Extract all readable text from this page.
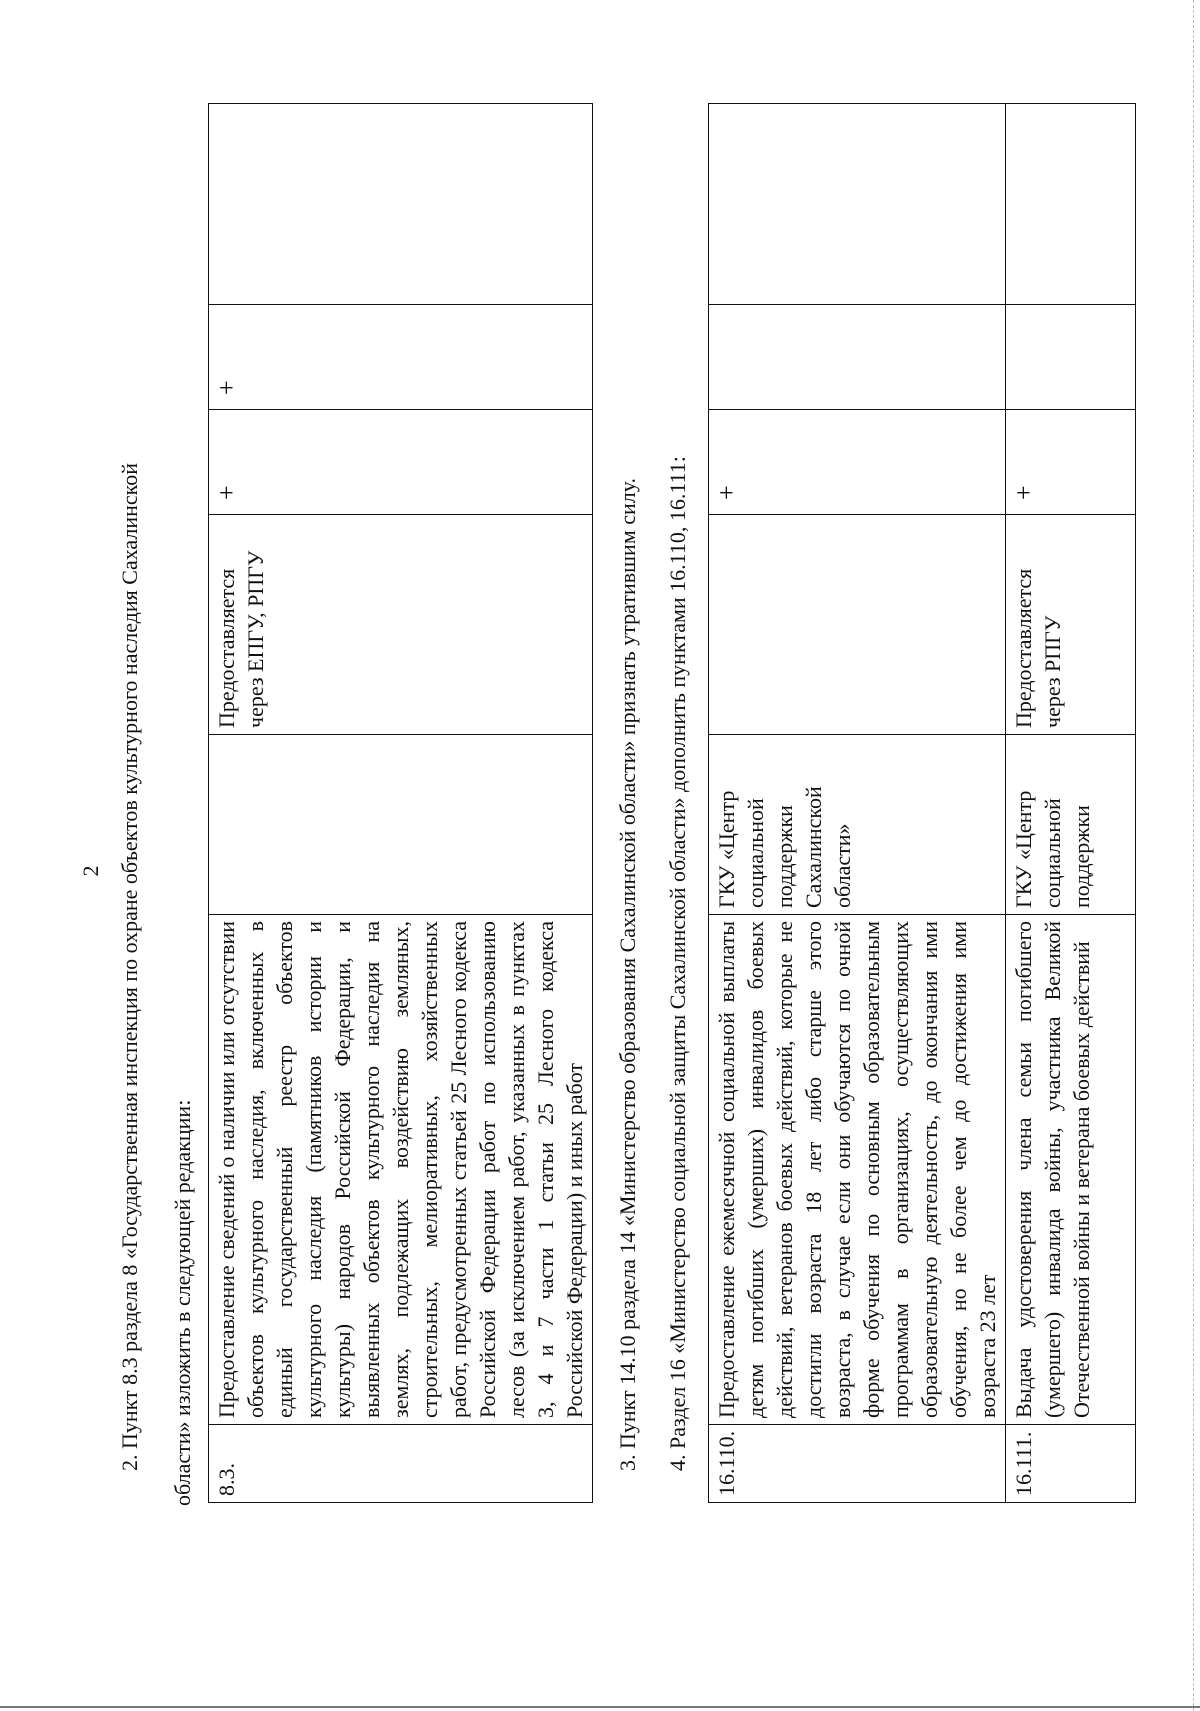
2 2. Пункт 8.3 раздела 8 «Государственная инспекция по охране объектов культурного наследия Сахалинской области» изложить в следующей редакции: 8.3.	Предоставление сведений о наличии или отсутствии объектов культурного наследия, включенных в единый государственный реестр объектов культурного наследия (памятников истории и культуры) народов Российской Федерации, и выявленных объектов культурного наследия на землях, подлежащих воздействию земляных, строительных, мелиоративных, хозяйственных работ, предусмотренных статьей 25 Лесного кодекса Российской Федерации работ по использованию лесов (за исключением работ, указанных в пунктах 3, 4 и 7 части 1 статьи 25 Лесного кодекса Российской Федерации) и иных работ		Предоставляется через ЕПГУ, РПГУ	+	+	

3. Пункт 14.10 раздела 14 «Министерство образования Сахалинской области» признать утратившим силу. 4. Раздел 16 «Министерство социальной защиты Сахалинской области» дополнить пунктами 16.110, 16.111: 16.110.	Предоставление ежемесячной социальной выплаты детям погибших (умерших) инвалидов боевых действий, ветеранов боевых действий, которые не достигли возраста 18 лет либо старше этого возраста, в случае если они обучаются по очной форме обучения по основным образовательным программам в организациях, осуществляющих образовательную деятельность, до окончания ими обучения, но не более чем до достижения ими возраста 23 лет	ГКУ «Центр социальной поддержки Сахалинской области»		+		
16.111.	Выдача удостоверения члена семьи погибшего (умершего) инвалида войны, участника Великой Отечественной войны и ветерана боевых действий	ГКУ «Центр социальной поддержки	Предоставляется через РПГУ	+		
